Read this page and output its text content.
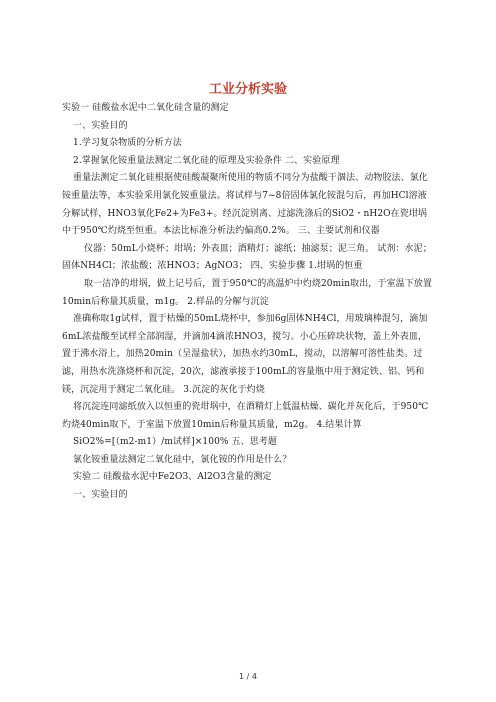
工业分析实验

实验一 硅酸盐水泥中二氧化硅含量的测定

一、实验目的

1.学习复杂物质的分析方法

2.掌握氯化铵重量法测定二氧化硅的原理及实验条件 二、实验原理

重量法测定二氧化硅根据使硅酸凝聚所使用的物质不同分为盐酸干涸法、动物胶法、氯化铵重量法等，本实验采用氯化铵重量法。将试样与7~8倍固体氯化铵混匀后，再加HCl溶液分解试样，HNO3氧化Fe2+为Fe3+。经沉淀别离、过滤洗涤后的SiO2・nH2O在瓷坩埚中于950℃灼烧至恒重。本法比标准分析法约偏高0.2%。 三、主要试剂和仪器

仪器：50mL小烧杯；坩埚；外表皿；酒精灯；滤纸；抽滤泵；泥三角。 试剂：水泥；固体NH4Cl；浓盐酸；浓HNO3；AgNO3； 四、实验步骤 1.坩埚的恒重

取一洁净的坩埚，做上记号后，置于950℃的高温炉中灼烧20min取出，于室温下放置10min后称量其质量，m1g。 2.样品的分解与沉淀

准确称取1g试样，置于枯燥的50mL烧杯中，参加6g固体NH4Cl，用玻璃棒混匀，滴加6mL浓盐酸至试样全部润湿，并滴加4滴浓HNO3，搅匀。小心压碎块状物，盖上外表皿，置于沸水浴上，加热20min（呈湿盐状），加热水约30mL，搅动，以溶解可溶性盐类。过滤，用热水洗涤烧杯和沉淀，20次，滤液承接于100mL的容量瓶中用于测定铁、铝、钙和镁，沉淀用于测定二氧化硅。 3.沉淀的灰化于灼烧

将沉淀连同滤纸放入以恒重的瓷坩埚中，在酒精灯上低温枯燥、碳化并灰化后，于950℃灼烧40min取下，于室温下放置10min后称量其质量，m2g。 4.结果计算

SiO2%=[（m2-m1）/m试样]×100% 五、思考题

氯化铵重量法测定二氧化硅中，氯化铵的作用是什么？

实验二 硅酸盐水泥中Fe2O3、Al2O3含量的测定

一、实验目的

1 / 4
